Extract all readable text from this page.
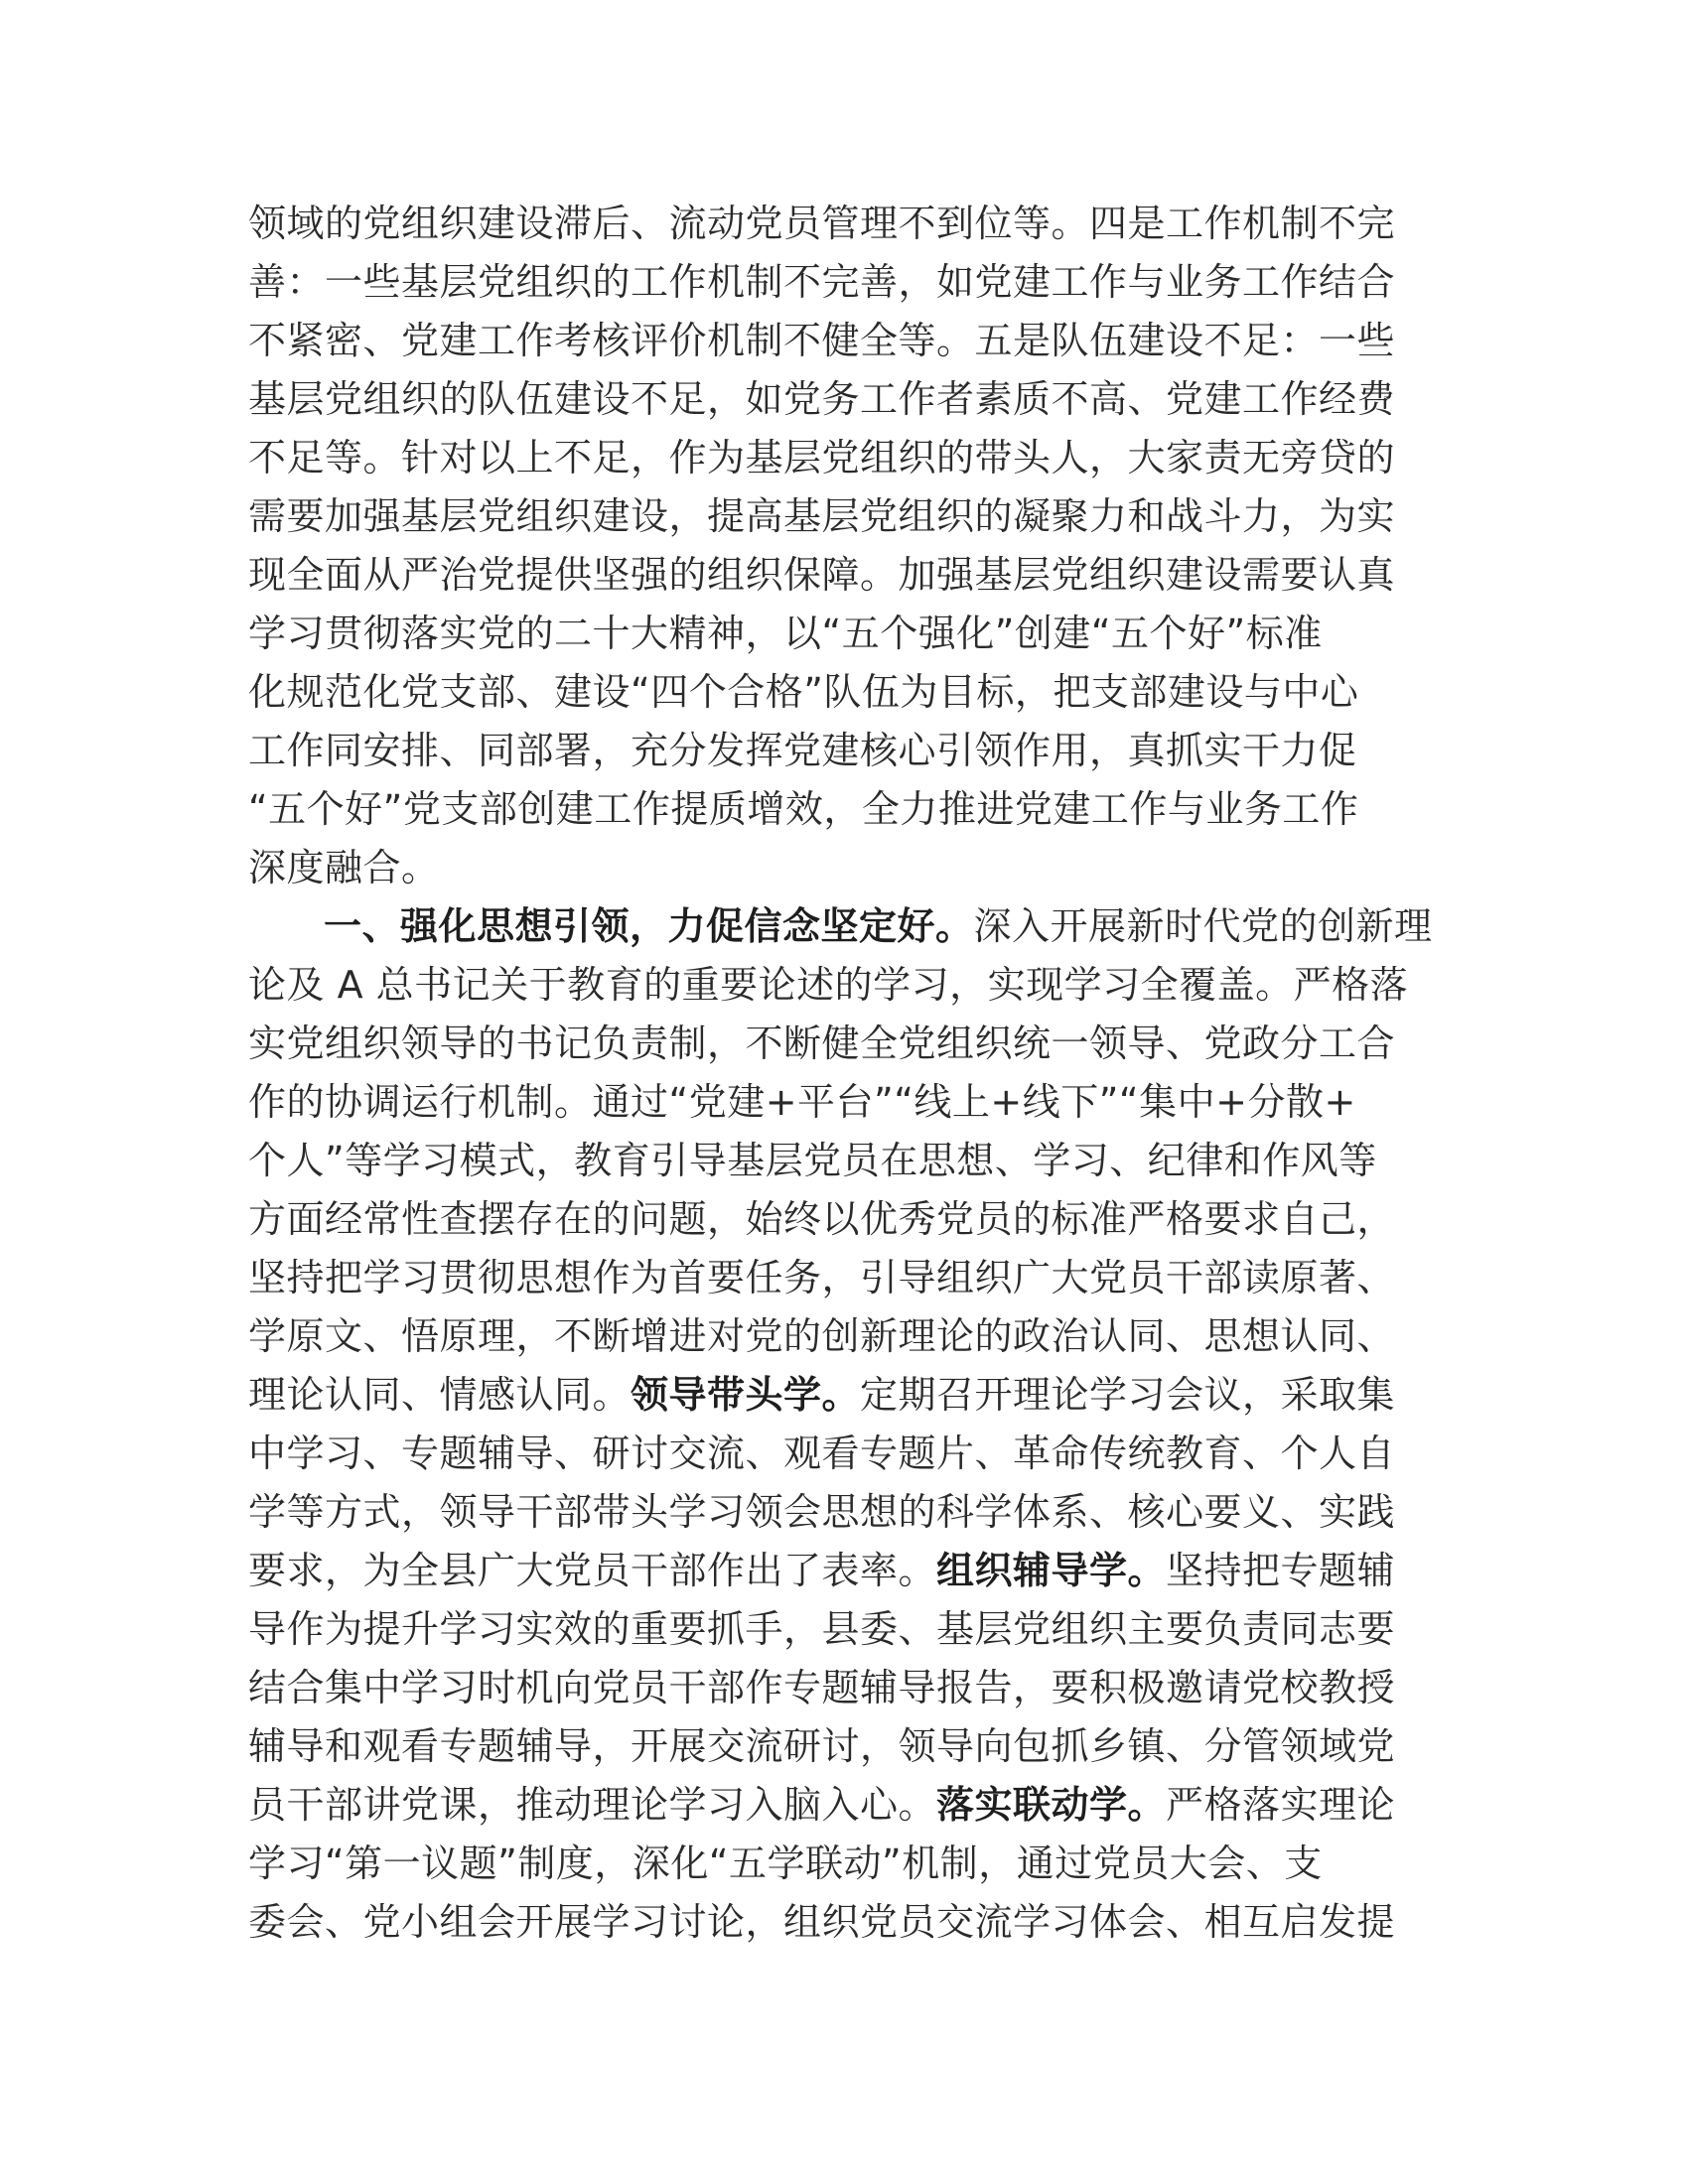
领域的党组织建设滞后、流动党员管理不到位等。四是工作机制不完
善：一些基层党组织的工作机制不完善，如党建工作与业务工作结合
不紧密、党建工作考核评价机制不健全等。五是队伍建设不足：一些
基层党组织的队伍建设不足，如党务工作者素质不高、党建工作经费
不足等。针对以上不足，作为基层党组织的带头人，大家责无旁贷的
需要加强基层党组织建设，提高基层党组织的凝聚力和战斗力，为实
现全面从严治党提供坚强的组织保障。加强基层党组织建设需要认真
学习贯彻落实党的二十大精神，以“五个强化”创建“五个好”标准
化规范化党支部、建设“四个合格”队伍为目标，把支部建设与中心
工作同安排、同部署，充分发挥党建核心引领作用，真抓实干力促
“五个好”党支部创建工作提质增效，全力推进党建工作与业务工作
深度融合。
一、强化思想引领，力促信念坚定好。深入开展新时代党的创新理
论及 A 总书记关于教育的重要论述的学习，实现学习全覆盖。严格落
实党组织领导的书记负责制，不断健全党组织统一领导、党政分工合
作的协调运行机制。通过“党建+平台”“线上+线下”“集中+分散+
个人”等学习模式，教育引导基层党员在思想、学习、纪律和作风等
方面经常性查摆存在的问题，始终以优秀党员的标准严格要求自己，
坚持把学习贯彻思想作为首要任务，引导组织广大党员干部读原著、
学原文、悟原理，不断增进对党的创新理论的政治认同、思想认同、
理论认同、情感认同。领导带头学。定期召开理论学习会议，采取集
中学习、专题辅导、研讨交流、观看专题片、革命传统教育、个人自
学等方式，领导干部带头学习领会思想的科学体系、核心要义、实践
要求，为全县广大党员干部作出了表率。组织辅导学。坚持把专题辅
导作为提升学习实效的重要抓手，县委、基层党组织主要负责同志要
结合集中学习时机向党员干部作专题辅导报告，要积极邀请党校教授
辅导和观看专题辅导，开展交流研讨，领导向包抓乡镇、分管领域党
员干部讲党课，推动理论学习入脑入心。落实联动学。严格落实理论
学习“第一议题”制度，深化“五学联动”机制，通过党员大会、支
委会、党小组会开展学习讨论，组织党员交流学习体会、相互启发提
